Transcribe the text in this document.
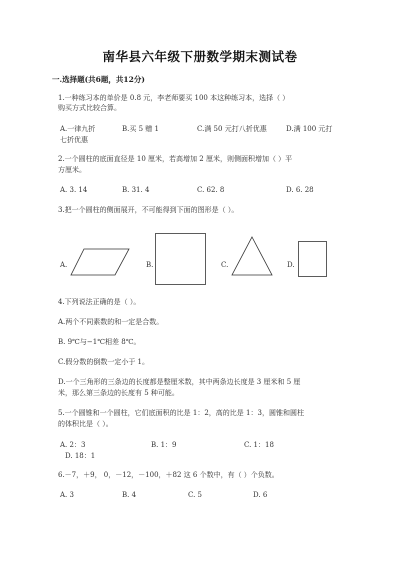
南华县六年级下册数学期末测试卷
一.选择题(共6题，共12分)
1.一种练习本的单价是 0.8 元，李老师要买 100 本这种练习本，选择（ ）
购买方式比较合算。
A.一律九折	B.买 5 赠 1	C.满 50 元打八折优惠	D.满 100 元打
七折优惠
2.一个圆柱的底面直径是 10 厘米，若高增加 2 厘米，则侧面积增加（ ）平
方厘米。
A. 3. 14	B. 31. 4	C. 62. 8	D. 6. 28
3.把一个圆柱的侧面展开，不可能得到下面的图形是（ ）。
A.	B.	C.	D.
4.下列说法正确的是（ ）。
A.两个不同素数的和一定是合数。
B. 9℃与−1℃相差 8℃。
C.假分数的倒数一定小于 1。
D.一个三角形的三条边的长度都是整厘米数，其中两条边长度是 3 厘米和 5 厘
米，那么第三条边的长度有 5 种可能。
5.一个圆锥和一个圆柱，它们底面积的比是 1：2，高的比是 1：3，圆锥和圆柱
的体积比是（ ）。
A. 2：3	B. 1：9	C. 1：18
D. 18：1
6.－7，＋9， 0，－12，－100，＋82 这 6 个数中，有（ ）个负数。
A. 3	B. 4	C. 5	D. 6
